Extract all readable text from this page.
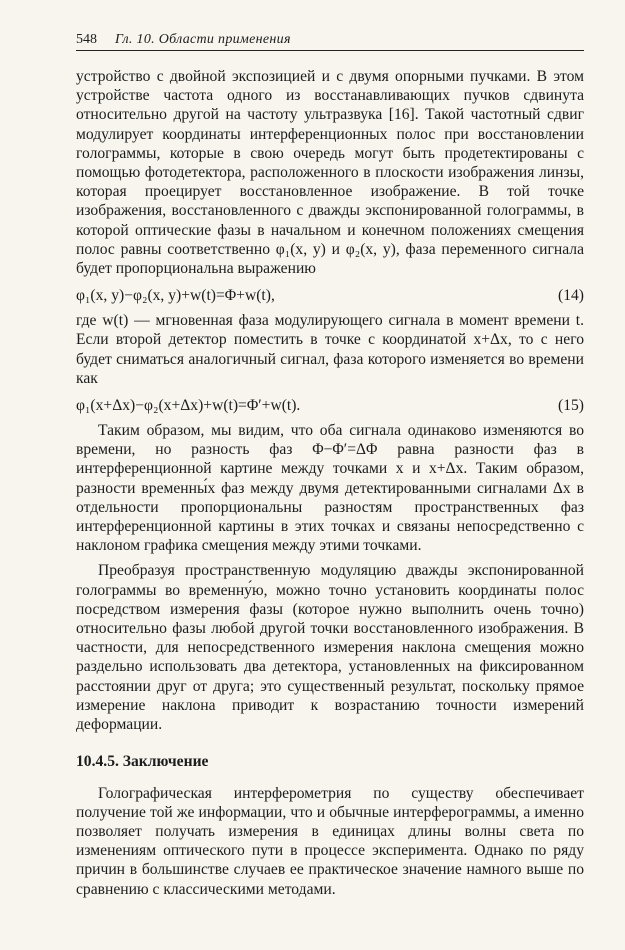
548 Гл. 10. Области применения

устройство с двойной экспозицией и с двумя опорными пучками. В этом устройстве частота одного из восстанавливающих пучков сдвинута относительно другой на частоту ультразвука [16]. Такой частотный сдвиг модулирует координаты интерференционных полос при восстановлении голограммы, которые в свою очередь могут быть продетектированы с помощью фотодетектора, расположенного в плоскости изображения линзы, которая проецирует восстановленное изображение. В той точке изображения, восстановленного с дважды экспонированной голограммы, в которой оптические фазы в начальном и конечном положениях смещения полос равны соответственно φ₁(x, y) и φ₂(x, y), фаза переменного сигнала будет пропорциональна выражению

φ₁(x, y)−φ₂(x, y)+w(t)=Φ+w(t),	(14)

где w(t) — мгновенная фаза модулирующего сигнала в момент времени t. Если второй детектор поместить в точке с координатой x+Δx, то с него будет сниматься аналогичный сигнал, фаза которого изменяется во времени как

φ₁(x+Δx)−φ₂(x+Δx)+w(t)=Φ′+w(t).	(15)

Таким образом, мы видим, что оба сигнала одинаково изменяются во времени, но разность фаз Φ−Φ′=ΔΦ равна разности фаз в интерференционной картине между точками x и x+Δx. Таким образом, разности временны́х фаз между двумя детектированными сигналами Δx в отдельности пропорциональны разностям пространственных фаз интерференционной картины в этих точках и связаны непосредственно с наклоном графика смещения между этими точками.

Преобразуя пространственную модуляцию дважды экспонированной голограммы во временну́ю, можно точно установить координаты полос посредством измерения фазы (которое нужно выполнить очень точно) относительно фазы любой другой точки восстановленного изображения. В частности, для непосредственного измерения наклона смещения можно раздельно использовать два детектора, установленных на фиксированном расстоянии друг от друга; это существенный результат, поскольку прямое измерение наклона приводит к возрастанию точности измерений деформации.

10.4.5. Заключение

Голографическая интерферометрия по существу обеспечивает получение той же информации, что и обычные интерферограммы, а именно позволяет получать измерения в единицах длины волны света по изменениям оптического пути в процессе эксперимента. Однако по ряду причин в большинстве случаев ее практическое значение намного выше по сравнению с классическими методами.
